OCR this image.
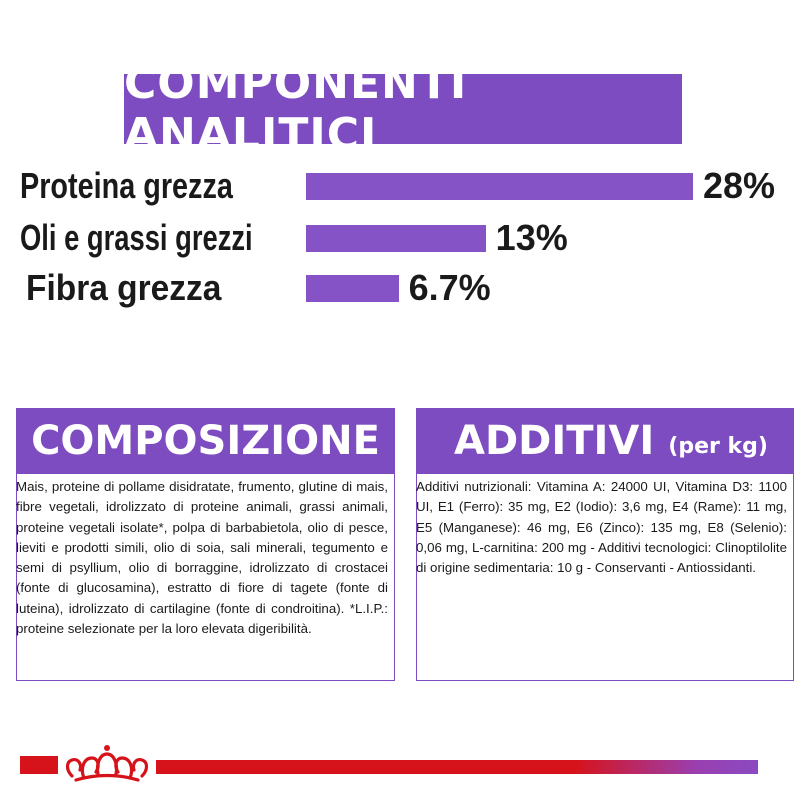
COMPONENTI ANALITICI
Proteina grezza	28%
Oli e grassi grezzi	13%
Fibra grezza	6.7%
COMPOSIZIONE

Mais, proteine di pollame disidratate, frumento, glutine di mais, fibre vegetali, idrolizzato di proteine animali, grassi animali, proteine vegetali isolate*, polpa di barbabietola, olio di pesce, lieviti e prodotti simili, olio di soia, sali minerali, tegumento e semi di psyllium, olio di borraggine, idrolizzato di crostacei (fonte di glucosamina), estratto di fiore di tagete (fonte di luteina), idrolizzato di cartilagine (fonte di condroitina). *L.I.P.: proteine selezionate per la loro elevata digeribilità.

ADDITIVI (per kg)

Additivi nutrizionali: Vitamina A: 24000 UI, Vitamina D3: 1100 UI, E1 (Ferro): 35 mg, E2 (Iodio): 3,6 mg, E4 (Rame): 11 mg, E5 (Manganese): 46 mg, E6 (Zinco): 135 mg, E8 (Selenio): 0,06 mg, L-carnitina: 200 mg - Additivi tecnologici: Clinoptilolite di origine sedimentaria: 10 g - Conservanti - Antiossidanti.
